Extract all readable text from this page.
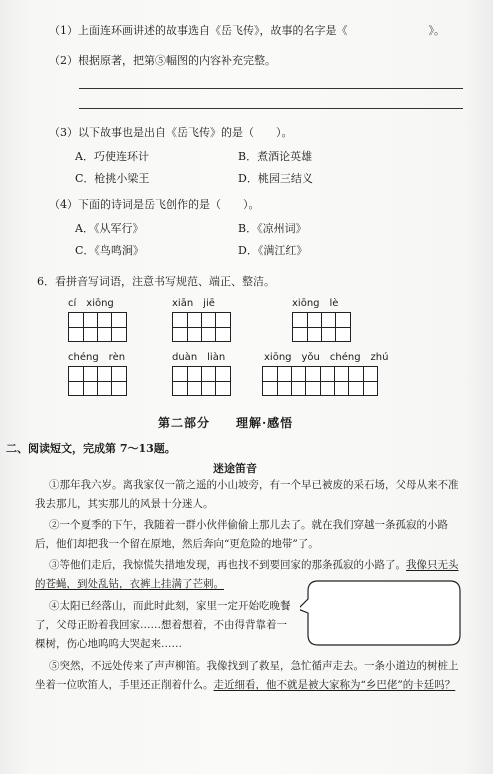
（1）上面连环画讲述的故事选自《岳飞传》，故事的名字是《	》。
（2）根据原著，把第⑤幅图的内容补充完整。
（3）以下故事也是出自《岳飞传》的是（　　）。
A．巧使连环计	B．煮酒论英雄
C．枪挑小梁王	D．桃园三结义
（4）下面的诗词是岳飞创作的是（　　）。
A．《从军行》	B．《凉州词》
C．《鸟鸣涧》	D．《满江红》
6．看拼音写词语，注意书写规范、端正、整洁。
cí　xiōng	xiān　jiē	xiōng　lè
chéng　rèn	duàn　liàn	xiōng　yǒu　chéng　zhú
第二部分　　理解·感悟
二、阅读短文，完成第 7～13题。
迷途笛音
①那年我六岁。离我家仅一箭之遥的小山坡旁，有一个早已被废的采石场，父母从来不准我去那儿，其实那儿的风景十分迷人。
②一个夏季的下午，我随着一群小伙伴偷偷上那儿去了。就在我们穿越一条孤寂的小路后，他们却把我一个留在原地，然后奔向“更危险的地带”了。
③等他们走后，我惊慌失措地发现，再也找不到要回家的那条孤寂的小路了。我像只无头的苍蝇，到处乱钻，衣裤上挂满了芒刺。
④太阳已经落山，而此时此刻，家里一定开始吃晚餐了，父母正盼着我回家……想着想着，不由得背靠着一棵树，伤心地呜呜大哭起来……
⑤突然，不远处传来了声声柳笛。我像找到了救星，急忙循声走去。一条小道边的树桩上坐着一位吹笛人，手里还正削着什么。走近细看，他不就是被大家称为“乡巴佬”的卡廷吗？
